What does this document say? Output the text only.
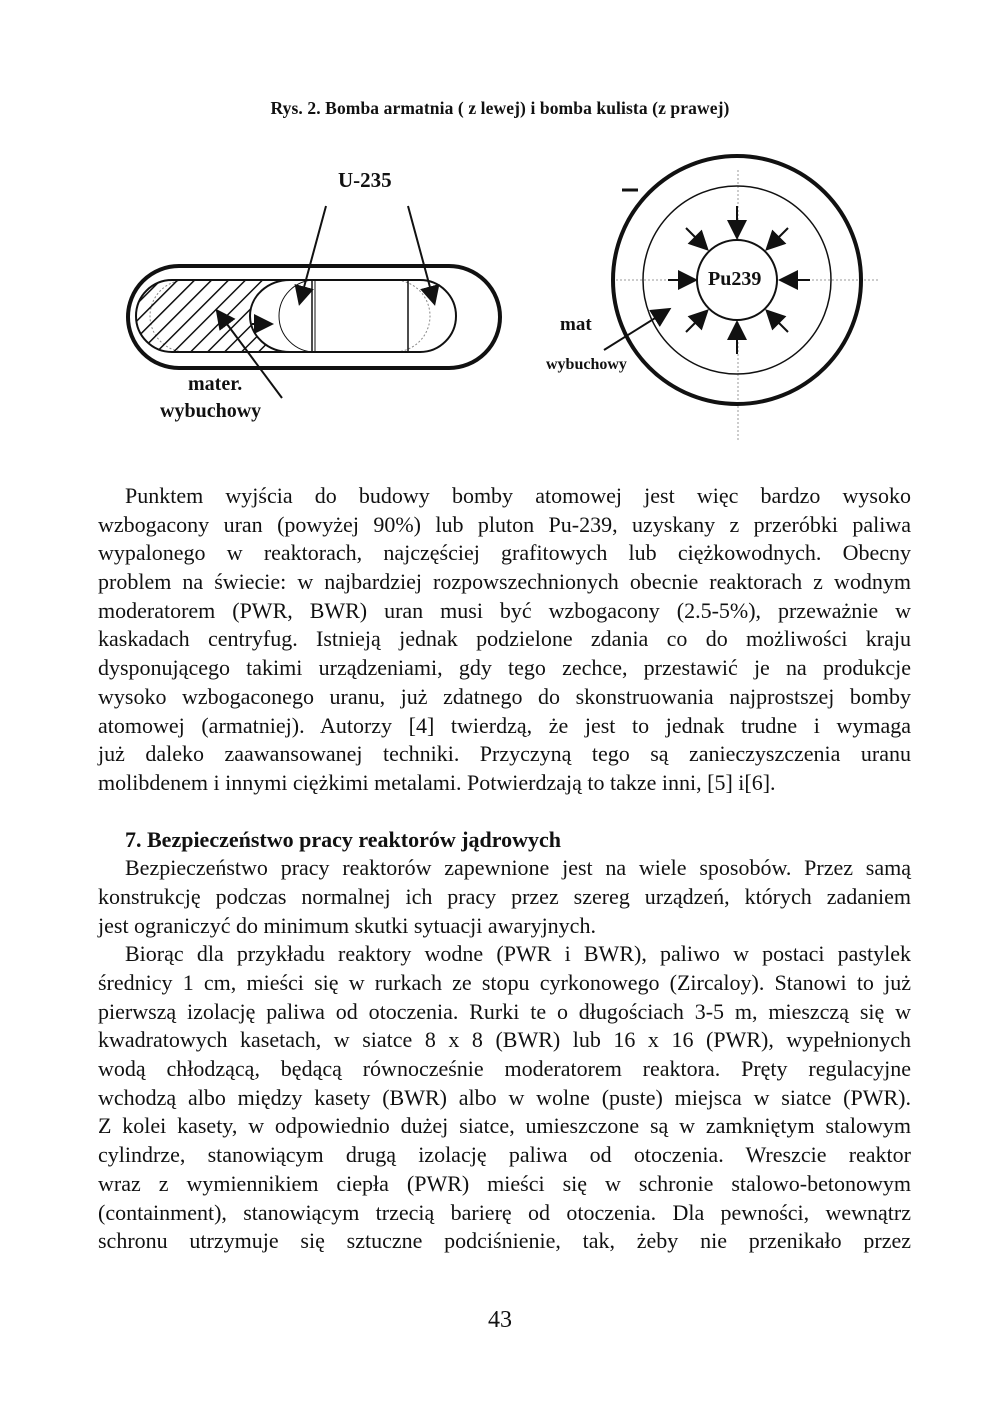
Rys. 2. Bomba armatnia ( z lewej) i bomba kulista (z prawej)
U-235
mater.
wybuchowy
Pu239
mat
wybuchowy
Punktem wyjścia do budowy bomby atomowej jest więc bardzo wysoko
wzbogacony uran (powyżej 90%) lub pluton Pu-239, uzyskany z przeróbki paliwa
wypalonego w reaktorach, najczęściej grafitowych lub ciężkowodnych. Obecny
problem na świecie: w najbardziej rozpowszechnionych obecnie reaktorach z wodnym
moderatorem (PWR, BWR) uran musi być wzbogacony (2.5-5%), przeważnie w
kaskadach centryfug. Istnieją jednak podzielone zdania co do możliwości kraju
dysponującego takimi urządzeniami, gdy tego zechce, przestawić je na produkcje
wysoko wzbogaconego uranu, już zdatnego do skonstruowania najprostszej bomby
atomowej (armatniej). Autorzy [4] twierdzą, że jest to jednak trudne i wymaga
już daleko zaawansowanej techniki. Przyczyną tego są zanieczyszczenia uranu
molibdenem i innymi ciężkimi metalami. Potwierdzają to takze inni, [5] i[6].
7. Bezpieczeństwo pracy reaktorów jądrowych
Bezpieczeństwo pracy reaktorów zapewnione jest na wiele sposobów. Przez samą
konstrukcję podczas normalnej ich pracy przez szereg urządzeń, których zadaniem
jest ograniczyć do minimum skutki sytuacji awaryjnych.
Biorąc dla przykładu reaktory wodne (PWR i BWR), paliwo w postaci pastylek
średnicy 1 cm, mieści się w rurkach ze stopu cyrkonowego (Zircaloy). Stanowi to już
pierwszą izolację paliwa od otoczenia. Rurki te o długościach 3-5 m, mieszczą się w
kwadratowych kasetach, w siatce 8 x 8 (BWR) lub 16 x 16 (PWR), wypełnionych
wodą chłodzącą, będącą równocześnie moderatorem reaktora. Pręty regulacyjne
wchodzą albo między kasety (BWR) albo w wolne (puste) miejsca w siatce (PWR).
Z kolei kasety, w odpowiednio dużej siatce, umieszczone są w zamkniętym stalowym
cylindrze, stanowiącym drugą izolację paliwa od otoczenia. Wreszcie reaktor
wraz z wymiennikiem ciepła (PWR) mieści się w schronie stalowo-betonowym
(containment), stanowiącym trzecią barierę od otoczenia. Dla pewności, wewnątrz
schronu utrzymuje się sztuczne podciśnienie, tak, żeby nie przenikało przez
43
